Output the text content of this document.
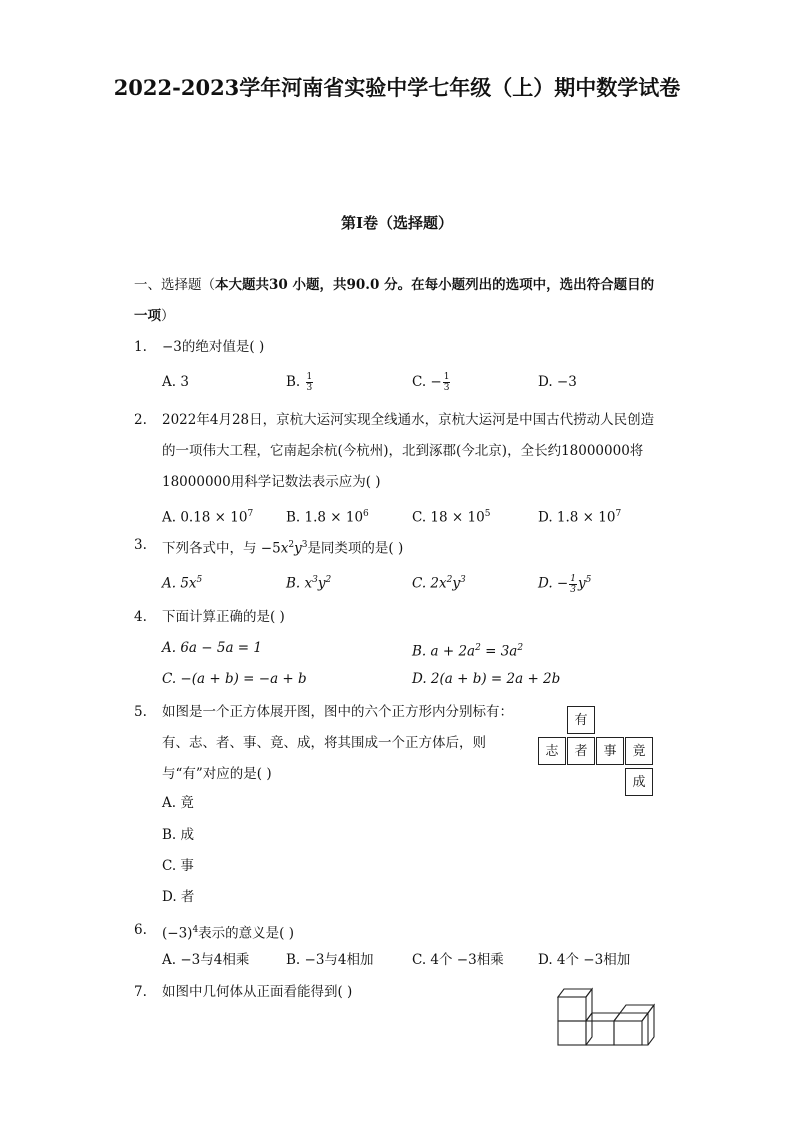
2022-2023学年河南省实验中学七年级（上）期中数学试卷
第I卷（选择题）
一、选择题（本大题共30 小题，共90.0 分。在每小题列出的选项中，选出符合题目的一项）
1. −3的绝对值是( )
A. 3	B. $\frac{1}{3}$	C. − $\frac{1}{3}$	D. −3
2. 2022年4月28日，京杭大运河实现全线通水，京杭大运河是中国古代捞动人民创造的一项伟大工程，它南起余杭(今杭州)，北到涿郡(今北京)，全长约18000000将18000000用科学记数法表示应为( )
A. $0.18 \times 10^7$ B. $1.8 \times 10^6$	C. $18 \times 10^5$	D. $1.8 \times 10^7$
3. 下列各式中，与 $-5x^2y^3$是同类项的是( )
A. $5x^5$	B. $x^3y^2$	C. $2x^2y^3$	D. − $\frac{1}{3} y^5$
4. 下面计算正确的是( )
A. 6a − 5a = 1	B. $a + 2a^2 = 3a^2$
C. −(a + b) = −a + b	D. 2(a + b) = 2a + 2b
5. 如图是一个正方体展开图，图中的六个正方形内分别标有：有、志、者、事、竟、成，将其围成一个正方体后，则与“有”对应的是( )
A. 竟
B. 成
C. 事
D. 者
有
志	者	事	竟
成
6. $(-3)^4$表示的意义是( )
A. −3与4相乘	B. −3与4相加	C. 4个 −3相乘	D. 4个 −3相加
7. 如图中几何体从正面看能得到( )
